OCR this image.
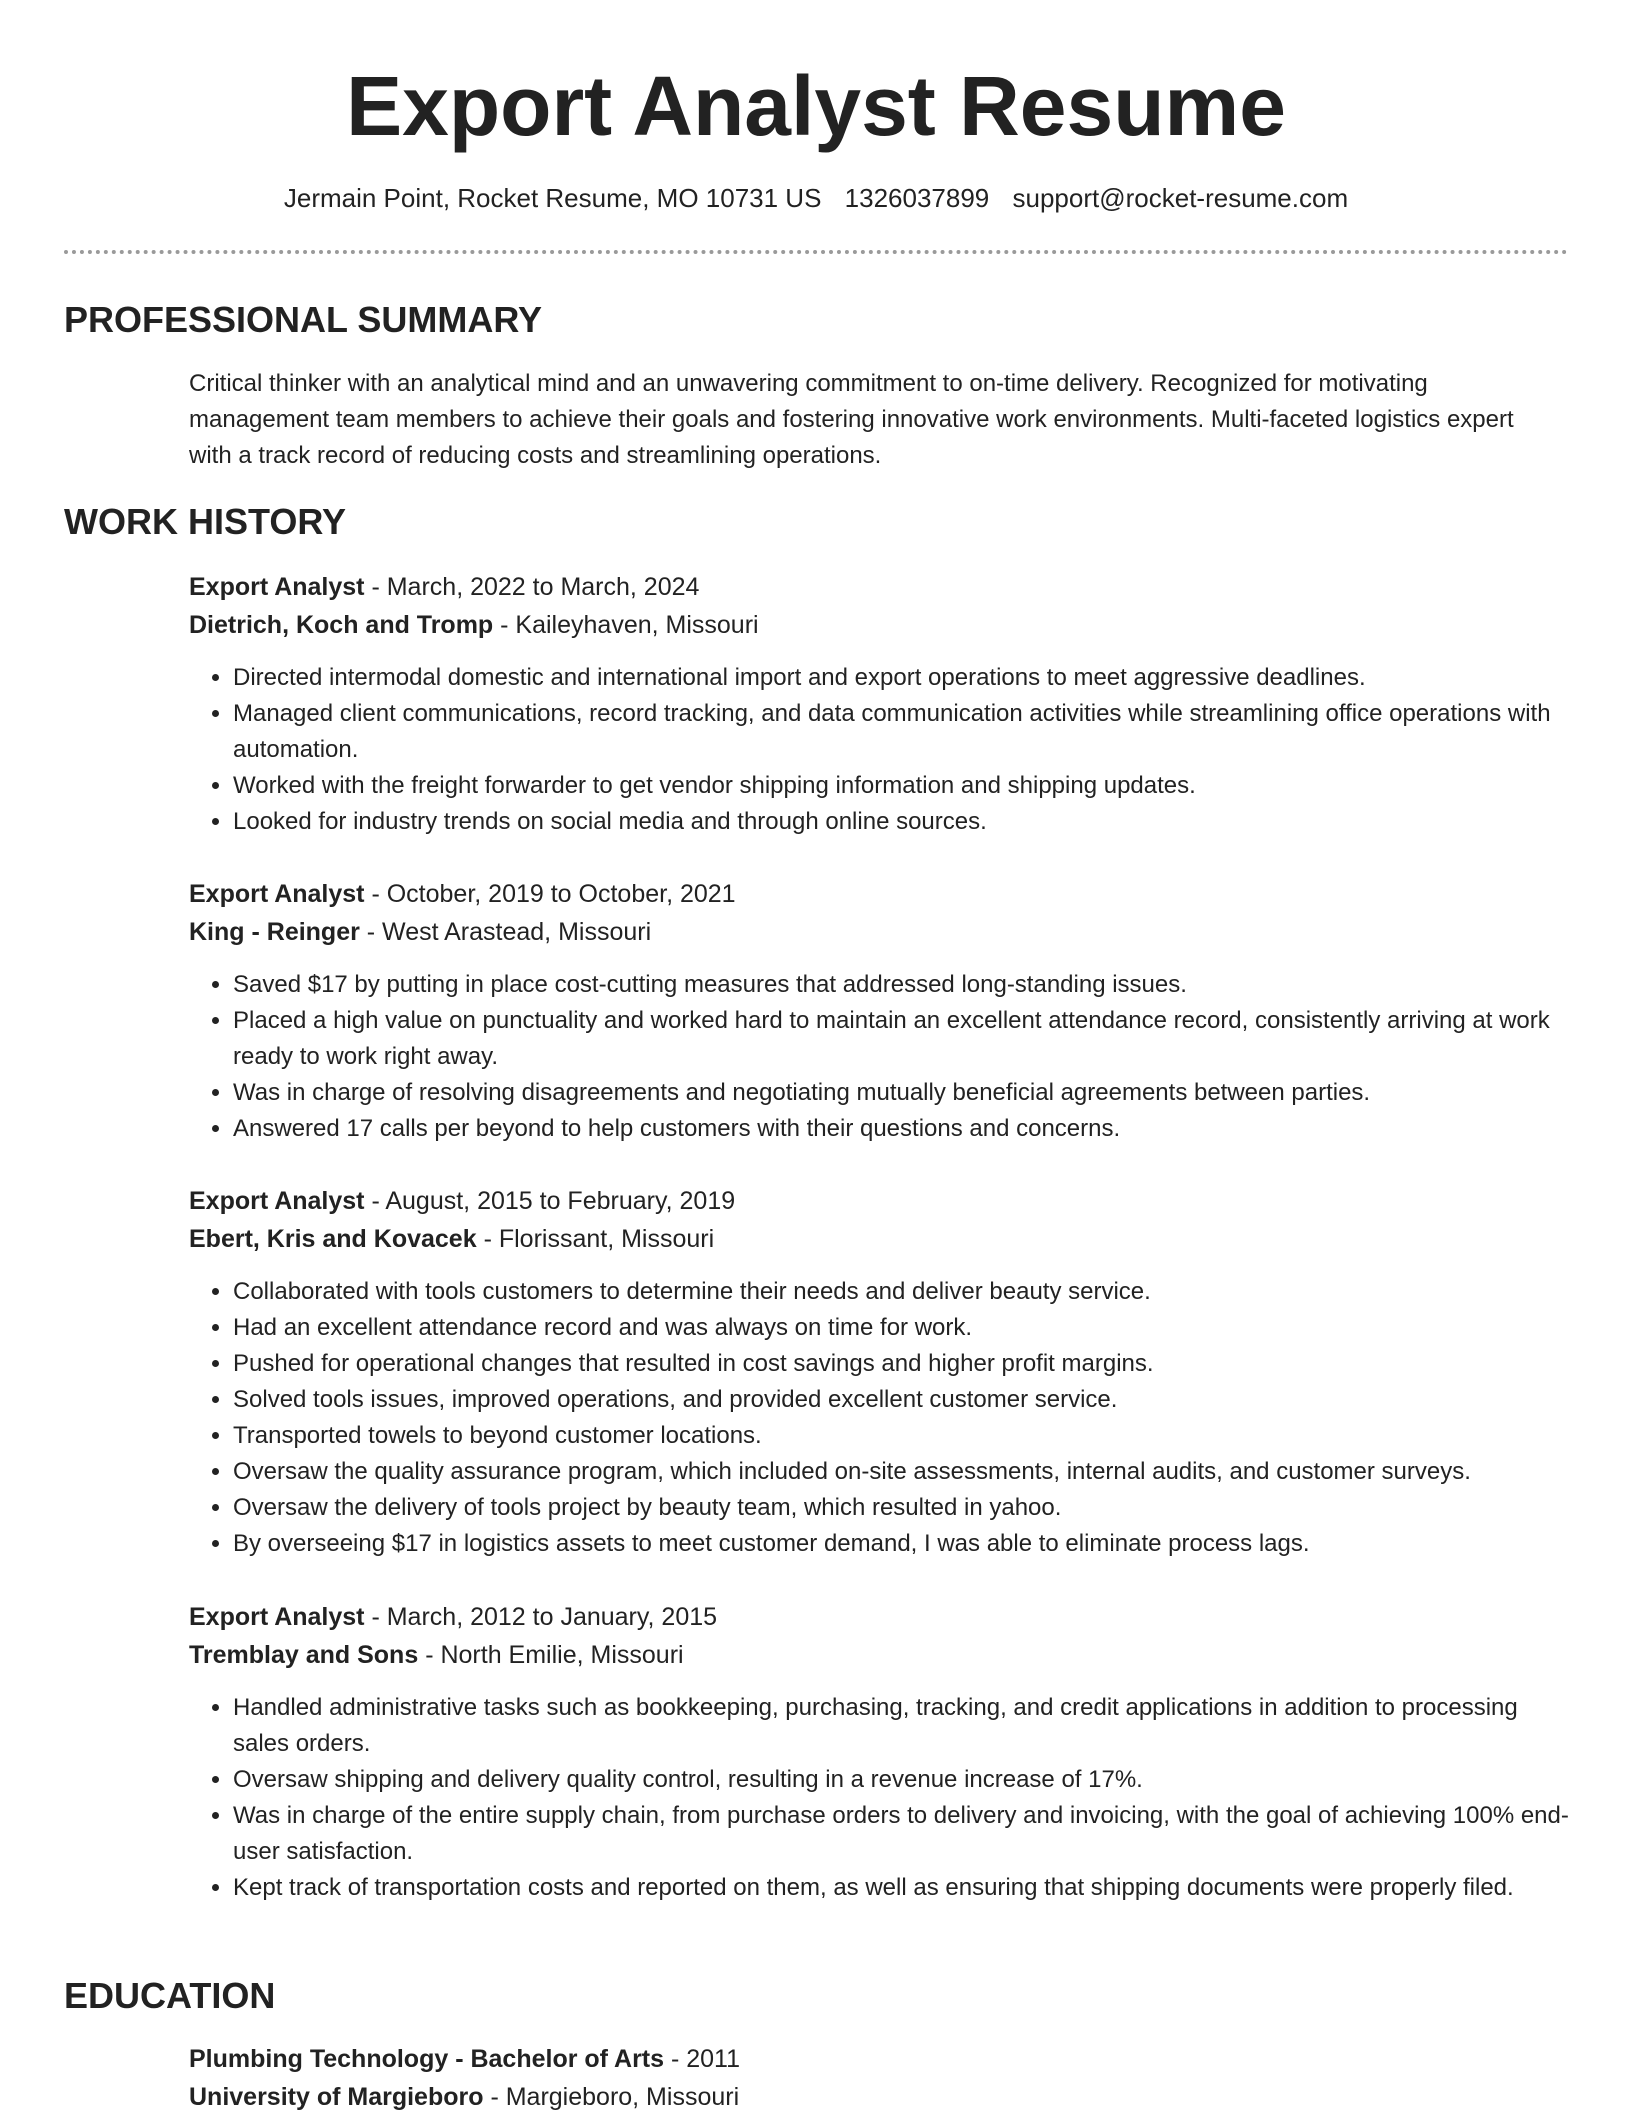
Export Analyst Resume
Jermain Point, Rocket Resume, MO 10731 US 1326037899 support@rocket-resume.com
PROFESSIONAL SUMMARY

Critical thinker with an analytical mind and an unwavering commitment to on-time delivery. Recognized for motivating management team members to achieve their goals and fostering innovative work environments. Multi-faceted logistics expert with a track record of reducing costs and streamlining operations.

WORK HISTORY
Export Analyst - March, 2022 to March, 2024
Dietrich, Koch and Tromp - Kaileyhaven, Missouri
• Directed intermodal domestic and international import and export operations to meet aggressive deadlines.
• Managed client communications, record tracking, and data communication activities while streamlining office operations with automation.
• Worked with the freight forwarder to get vendor shipping information and shipping updates.
• Looked for industry trends on social media and through online sources.
Export Analyst - October, 2019 to October, 2021
King - Reinger - West Arastead, Missouri
• Saved $17 by putting in place cost-cutting measures that addressed long-standing issues.
• Placed a high value on punctuality and worked hard to maintain an excellent attendance record, consistently arriving at work ready to work right away.
• Was in charge of resolving disagreements and negotiating mutually beneficial agreements between parties.
• Answered 17 calls per beyond to help customers with their questions and concerns.
Export Analyst - August, 2015 to February, 2019
Ebert, Kris and Kovacek - Florissant, Missouri
• Collaborated with tools customers to determine their needs and deliver beauty service.
• Had an excellent attendance record and was always on time for work.
• Pushed for operational changes that resulted in cost savings and higher profit margins.
• Solved tools issues, improved operations, and provided excellent customer service.
• Transported towels to beyond customer locations.
• Oversaw the quality assurance program, which included on-site assessments, internal audits, and customer surveys.
• Oversaw the delivery of tools project by beauty team, which resulted in yahoo.
• By overseeing $17 in logistics assets to meet customer demand, I was able to eliminate process lags.
Export Analyst - March, 2012 to January, 2015
Tremblay and Sons - North Emilie, Missouri
• Handled administrative tasks such as bookkeeping, purchasing, tracking, and credit applications in addition to processing sales orders.
• Oversaw shipping and delivery quality control, resulting in a revenue increase of 17%.
• Was in charge of the entire supply chain, from purchase orders to delivery and invoicing, with the goal of achieving 100% end-user satisfaction.
• Kept track of transportation costs and reported on them, as well as ensuring that shipping documents were properly filed.
EDUCATION
Plumbing Technology - Bachelor of Arts - 2011
University of Margieboro - Margieboro, Missouri
